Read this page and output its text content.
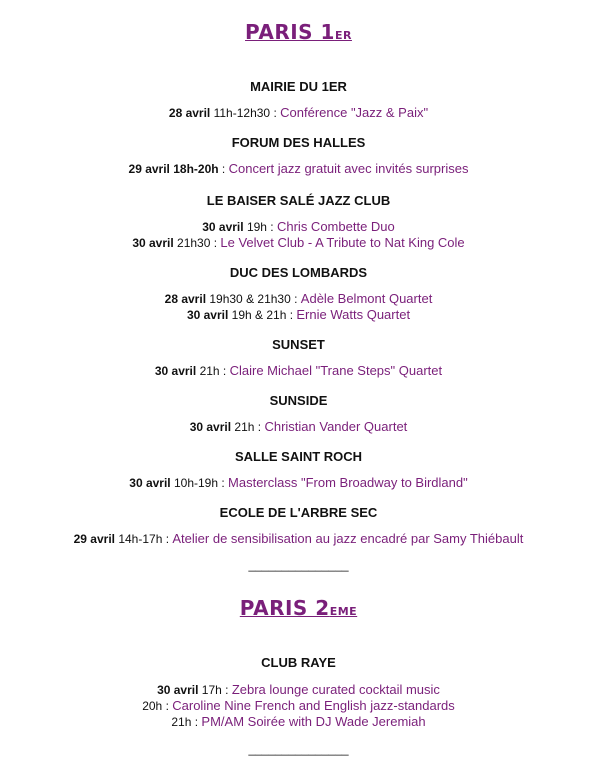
PARIS 1ER
MAIRIE DU 1ER
28 avril 11h-12h30 : Conférence "Jazz & Paix"
FORUM DES HALLES
29 avril 18h-20h : Concert jazz gratuit avec invités surprises
LE BAISER SALÉ JAZZ CLUB
30 avril 19h : Chris Combette Duo
30 avril 21h30 : Le Velvet Club - A Tribute to Nat King Cole
DUC DES LOMBARDS
28 avril 19h30 & 21h30 : Adèle Belmont Quartet
30 avril 19h & 21h : Ernie Watts Quartet
SUNSET
30 avril 21h : Claire Michael "Trane Steps" Quartet
SUNSIDE
30 avril 21h : Christian Vander Quartet
SALLE SAINT ROCH
30 avril 10h-19h : Masterclass "From Broadway to Birdland"
ECOLE DE L'ARBRE SEC
29 avril 14h-17h : Atelier de sensibilisation au jazz encadré par Samy Thiébault
_______________
PARIS 2EME
CLUB RAYE
30 avril 17h : Zebra lounge curated cocktail music
20h : Caroline Nine French and English jazz-standards
21h : PM/AM Soirée with DJ Wade Jeremiah
_______________
